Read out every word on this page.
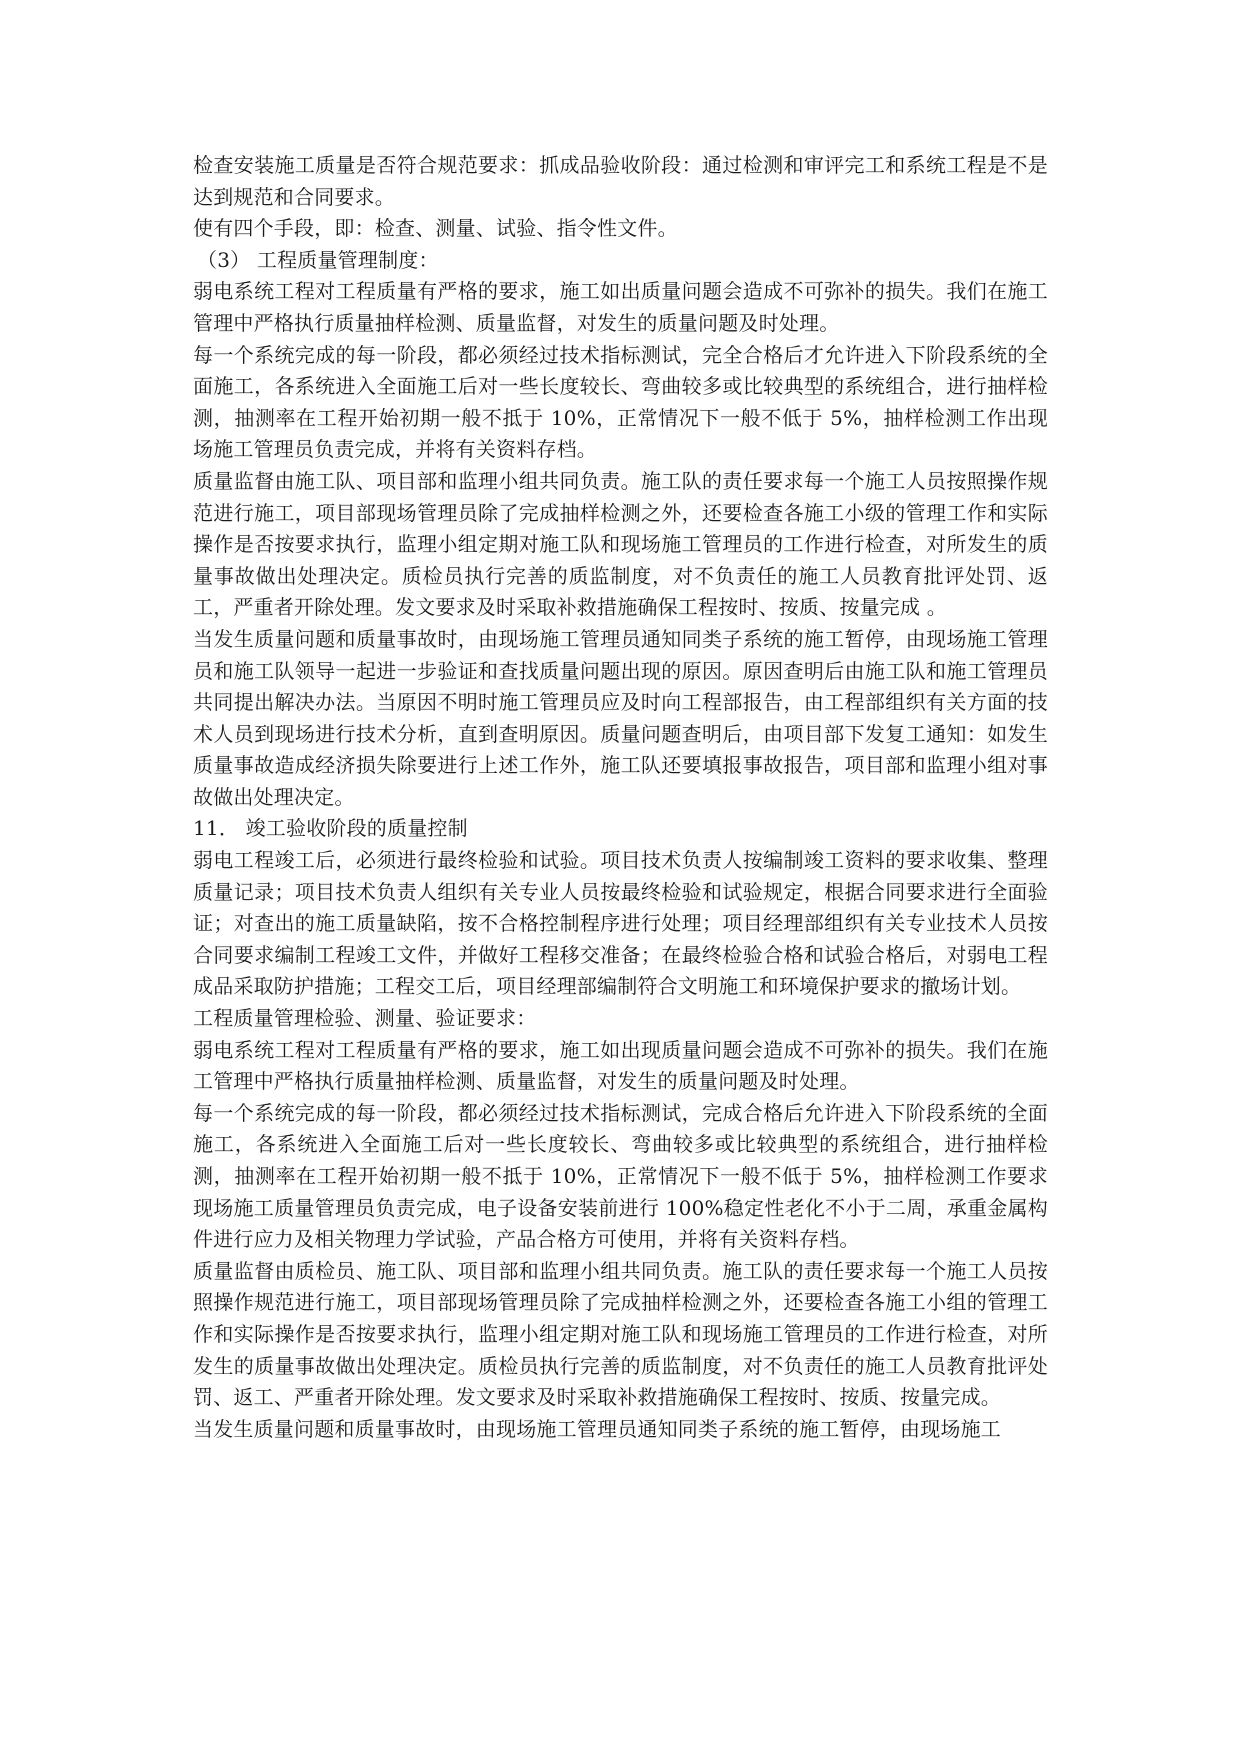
检查安装施工质量是否符合规范要求：抓成品验收阶段：通过检测和审评完工和系统工程是不是达到规范和合同要求。

使有四个手段，即：检查、测量、试验、指令性文件。

（3） 工程质量管理制度：

弱电系统工程对工程质量有严格的要求，施工如出质量问题会造成不可弥补的损失。我们在施工管理中严格执行质量抽样检测、质量监督，对发生的质量问题及时处理。

每一个系统完成的每一阶段，都必须经过技术指标测试，完全合格后才允许进入下阶段系统的全面施工，各系统进入全面施工后对一些长度较长、弯曲较多或比较典型的系统组合，进行抽样检测，抽测率在工程开始初期一般不抵于 10%，正常情况下一般不低于 5%，抽样检测工作出现场施工管理员负责完成，并将有关资料存档。

质量监督由施工队、项目部和监理小组共同负责。施工队的责任要求每一个施工人员按照操作规范进行施工，项目部现场管理员除了完成抽样检测之外，还要检查各施工小级的管理工作和实际操作是否按要求执行，监理小组定期对施工队和现场施工管理员的工作进行检查，对所发生的质量事故做出处理决定。质检员执行完善的质监制度，对不负责任的施工人员教育批评处罚、返工，严重者开除处理。发文要求及时采取补救措施确保工程按时、按质、按量完成 。

当发生质量问题和质量事故时，由现场施工管理员通知同类子系统的施工暂停，由现场施工管理员和施工队领导一起进一步验证和查找质量问题出现的原因。原因查明后由施工队和施工管理员共同提出解决办法。当原因不明时施工管理员应及时向工程部报告，由工程部组织有关方面的技术人员到现场进行技术分析，直到查明原因。质量问题查明后，由项目部下发复工通知：如发生质量事故造成经济损失除要进行上述工作外，施工队还要填报事故报告，项目部和监理小组对事故做出处理决定。

11． 竣工验收阶段的质量控制

弱电工程竣工后，必须进行最终检验和试验。项目技术负责人按编制竣工资料的要求收集、整理质量记录；项目技术负责人组织有关专业人员按最终检验和试验规定，根据合同要求进行全面验证；对查出的施工质量缺陷，按不合格控制程序进行处理；项目经理部组织有关专业技术人员按合同要求编制工程竣工文件，并做好工程移交准备；在最终检验合格和试验合格后，对弱电工程成品采取防护措施；工程交工后，项目经理部编制符合文明施工和环境保护要求的撤场计划。

工程质量管理检验、测量、验证要求：

弱电系统工程对工程质量有严格的要求，施工如出现质量问题会造成不可弥补的损失。我们在施工管理中严格执行质量抽样检测、质量监督，对发生的质量问题及时处理。

每一个系统完成的每一阶段，都必须经过技术指标测试，完成合格后允许进入下阶段系统的全面施工，各系统进入全面施工后对一些长度较长、弯曲较多或比较典型的系统组合，进行抽样检测，抽测率在工程开始初期一般不抵于 10%，正常情况下一般不低于 5%，抽样检测工作要求现场施工质量管理员负责完成，电子设备安装前进行 100%稳定性老化不小于二周，承重金属构件进行应力及相关物理力学试验，产品合格方可使用，并将有关资料存档。

质量监督由质检员、施工队、项目部和监理小组共同负责。施工队的责任要求每一个施工人员按照操作规范进行施工，项目部现场管理员除了完成抽样检测之外，还要检查各施工小组的管理工作和实际操作是否按要求执行，监理小组定期对施工队和现场施工管理员的工作进行检查，对所发生的质量事故做出处理决定。质检员执行完善的质监制度，对不负责任的施工人员教育批评处罚、返工、严重者开除处理。发文要求及时采取补救措施确保工程按时、按质、按量完成。

当发生质量问题和质量事故时，由现场施工管理员通知同类子系统的施工暂停，由现场施工
